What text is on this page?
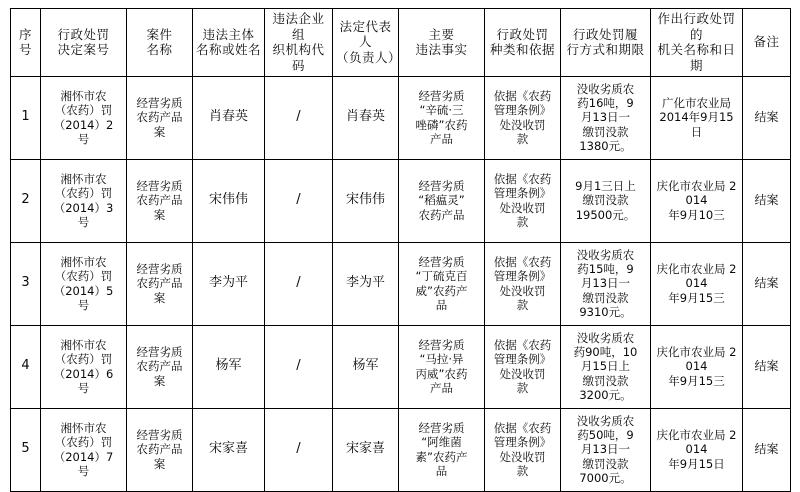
序
号	行政处罚
决定案号	案件
名称	违法主体
名称或姓名	违法企业组
织机构代码	法定代表人
（负责人）	主要
违法事实	行政处罚
种类和依据	行政处罚履
行方式和期限	作出行政处罚的
机关名称和日期	备注

1	湘怀市农
（农药）罚
（2014）2
号	经营劣质
农药产品
案	肖春英	/	肖春英	经营劣质
“辛硫·三
唑磷”农药
产品	依据《农药
管理条例》
处没收罚
款	没收劣质农
药16吨，9
月13日一
缴罚没款
1380元。	广化市农业局
2014年9月15日	结案

2	湘怀市农
（农药）罚
（2014）3
号	经营劣质
农药产品
案	宋伟伟	/	宋伟伟	经营劣质
“稻瘟灵”
农药产品	依据《农药
管理条例》
处没收罚
款	9月1三日上
缴罚没款
19500元。	庆化市农业局 2014
年9月10三	结案

3	湘怀市农
（农药）罚
（2014）5
号	经营劣质
农药产品
案	李为平	/	李为平	经营劣质
“丁硫克百
威”农药产
品	依据《农药
管理条例》
处没收罚
款	没收劣质农
药15吨，9
月13日一
缴罚没款
9310元。	庆化市农业局 2014
年9月15三	结案

4	湘怀市农
（农药）罚
（2014）6
号	经营劣质
农药产品
案	杨军	/	杨军	经营劣质
“马拉·异
丙威”农药
产品	依据《农药
管理条例》
处没收罚
款	没收劣质农
药90吨，10
月15日上
缴罚没款
3200元。	庆化市农业局 2014
年9月15三	结案

5	湘怀市农
（农药）罚
（2014）7
号	经营劣质
农药产品
案	宋家喜	/	宋家喜	经营劣质
“阿维菌
素”农药产
品	依据《农药
管理条例》
处没收罚
款	没收劣质农
药50吨，9
月13日一
缴罚没款
7000元。	庆化市农业局 2014
年9月15日	结案
